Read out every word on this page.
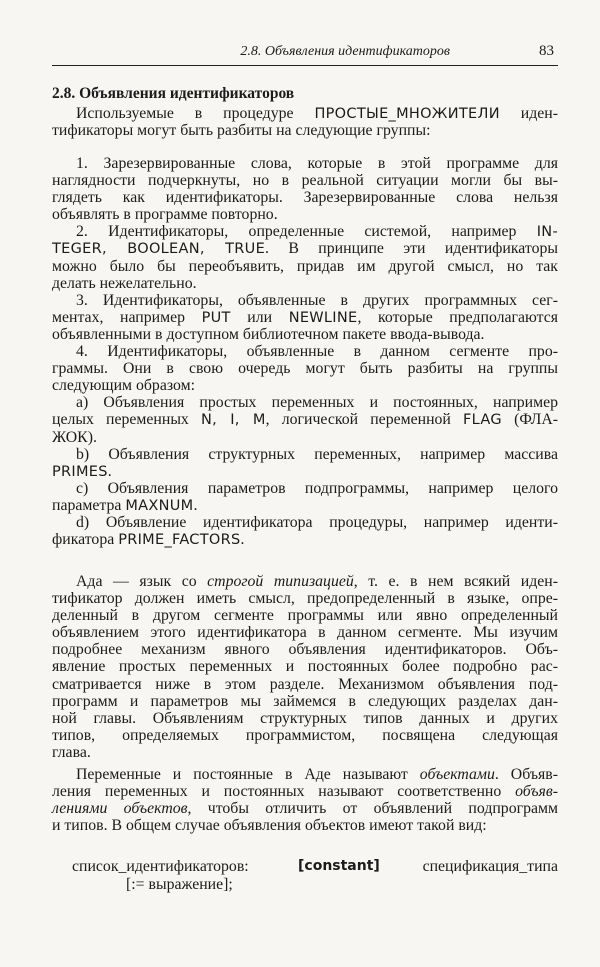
2.8. Объявления идентификаторов	83
2.8. Объявления идентификаторов
Используемые в процедуре ПРОСТЫЕ_МНОЖИТЕЛИ иден-
тификаторы могут быть разбиты на следующие группы:
1. Зарезервированные слова, которые в этой программе для
наглядности подчеркнуты, но в реальной ситуации могли бы вы-
глядеть как идентификаторы. Зарезервированные слова нельзя
объявлять в программе повторно.
2. Идентификаторы, определенные системой, например IN-
TEGER, BOOLEAN, TRUE. В принципе эти идентификаторы
можно было бы переобъявить, придав им другой смысл, но так
делать нежелательно.
3. Идентификаторы, объявленные в других программных сег-
ментах, например PUT или NEWLINE, которые предполагаются
объявленными в доступном библиотечном пакете ввода-вывода.
4. Идентификаторы, объявленные в данном сегменте про-
граммы. Они в свою очередь могут быть разбиты на группы
следующим образом:
a) Объявления простых переменных и постоянных, например
целых переменных N, I, M, логической переменной FLAG (ФЛА-
ЖОК).
b) Объявления структурных переменных, например массива
PRIMES.
c) Объявления параметров подпрограммы, например целого
параметра MAXNUM.
d) Объявление идентификатора процедуры, например иденти-
фикатора PRIME_FACTORS.
Ада — язык со строгой типизацией, т. е. в нем всякий иден-
тификатор должен иметь смысл, предопределенный в языке, опре-
деленный в другом сегменте программы или явно определенный
объявлением этого идентификатора в данном сегменте. Мы изучим
подробнее механизм явного объявления идентификаторов. Объ-
явление простых переменных и постоянных более подробно рас-
сматривается ниже в этом разделе. Механизмом объявления под-
программ и параметров мы займемся в следующих разделах дан-
ной главы. Объявлениям структурных типов данных и других
типов, определяемых программистом, посвящена следующая
глава.
Переменные и постоянные в Аде называют объектами. Объяв-
ления переменных и постоянных называют соответственно объяв-
лениями объектов, чтобы отличить от объявлений подпрограмм
и типов. В общем случае объявления объектов имеют такой вид:
список_идентификаторов:	[constant]	спецификация_типа
[:= выражение];
